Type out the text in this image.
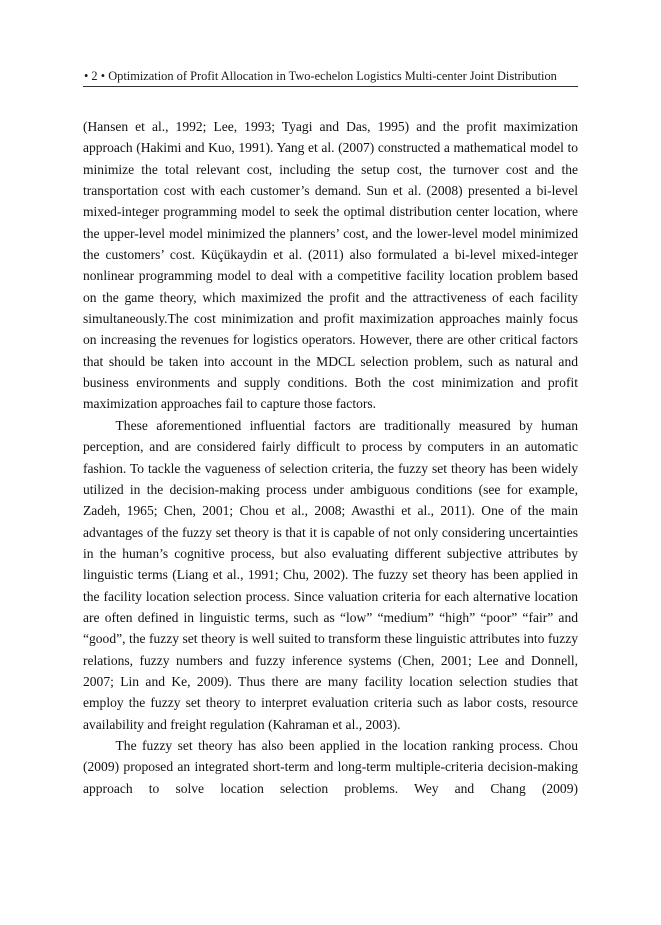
• 2 • Optimization of Profit Allocation in Two-echelon Logistics Multi-center Joint Distribution

(Hansen et al., 1992; Lee, 1993; Tyagi and Das, 1995) and the profit maximization approach (Hakimi and Kuo, 1991). Yang et al. (2007) constructed a mathematical model to minimize the total relevant cost, including the setup cost, the turnover cost and the transportation cost with each customer’s demand. Sun et al. (2008) presented a bi-level mixed-integer programming model to seek the optimal distribution center location, where the upper-level model minimized the planners’ cost, and the lower-level model minimized the customers’ cost. Küçükaydin et al. (2011) also formulated a bi-level mixed-integer nonlinear programming model to deal with a competitive facility location problem based on the game theory, which maximized the profit and the attractiveness of each facility simultaneously.The cost minimization and profit maximization approaches mainly focus on increasing the revenues for logistics operators. However, there are other critical factors that should be taken into account in the MDCL selection problem, such as natural and business environments and supply conditions. Both the cost minimization and profit maximization approaches fail to capture those factors.

These aforementioned influential factors are traditionally measured by human perception, and are considered fairly difficult to process by computers in an automatic fashion. To tackle the vagueness of selection criteria, the fuzzy set theory has been widely utilized in the decision-making process under ambiguous conditions (see for example, Zadeh, 1965; Chen, 2001; Chou et al., 2008; Awasthi et al., 2011). One of the main advantages of the fuzzy set theory is that it is capable of not only considering uncertainties in the human’s cognitive process, but also evaluating different subjective attributes by linguistic terms (Liang et al., 1991; Chu, 2002). The fuzzy set theory has been applied in the facility location selection process. Since valuation criteria for each alternative location are often defined in linguistic terms, such as “low” “medium” “high” “poor” “fair” and “good”, the fuzzy set theory is well suited to transform these linguistic attributes into fuzzy relations, fuzzy numbers and fuzzy inference systems (Chen, 2001; Lee and Donnell, 2007; Lin and Ke, 2009). Thus there are many facility location selection studies that employ the fuzzy set theory to interpret evaluation criteria such as labor costs, resource availability and freight regulation (Kahraman et al., 2003).

The fuzzy set theory has also been applied in the location ranking process. Chou (2009) proposed an integrated short-term and long-term multiple-criteria decision-making approach to solve location selection problems. Wey and Chang (2009)
